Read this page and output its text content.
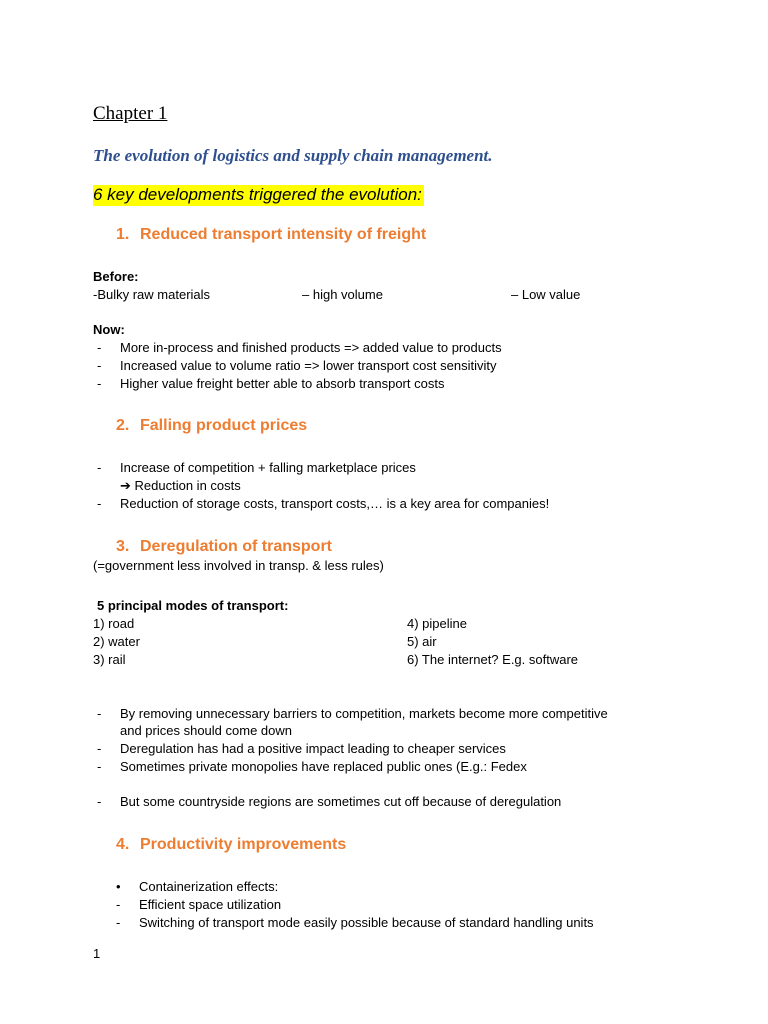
Chapter 1
The evolution of logistics and supply chain management.
6 key developments triggered the evolution:
1. Reduced transport intensity of freight
Before:
-Bulky raw materials	– high volume	– Low value
Now:
- More in-process and finished products => added value to products
- Increased value to volume ratio => lower transport cost sensitivity
- Higher value freight better able to absorb transport costs
2. Falling product prices
- Increase of competition + falling marketplace prices
➔ Reduction in costs
- Reduction of storage costs, transport costs,… is a key area for companies!
3. Deregulation of transport
(=government less involved in transp. & less rules)
5 principal modes of transport:
1) road
2) water
3) rail
4) pipeline
5) air
6) The internet? E.g. software
- By removing unnecessary barriers to competition, markets become more competitive
and prices should come down
- Deregulation has had a positive impact leading to cheaper services
- Sometimes private monopolies have replaced public ones (E.g.: Fedex
- But some countryside regions are sometimes cut off because of deregulation
4. Productivity improvements
• Containerization effects:
- Efficient space utilization
- Switching of transport mode easily possible because of standard handling units
1
